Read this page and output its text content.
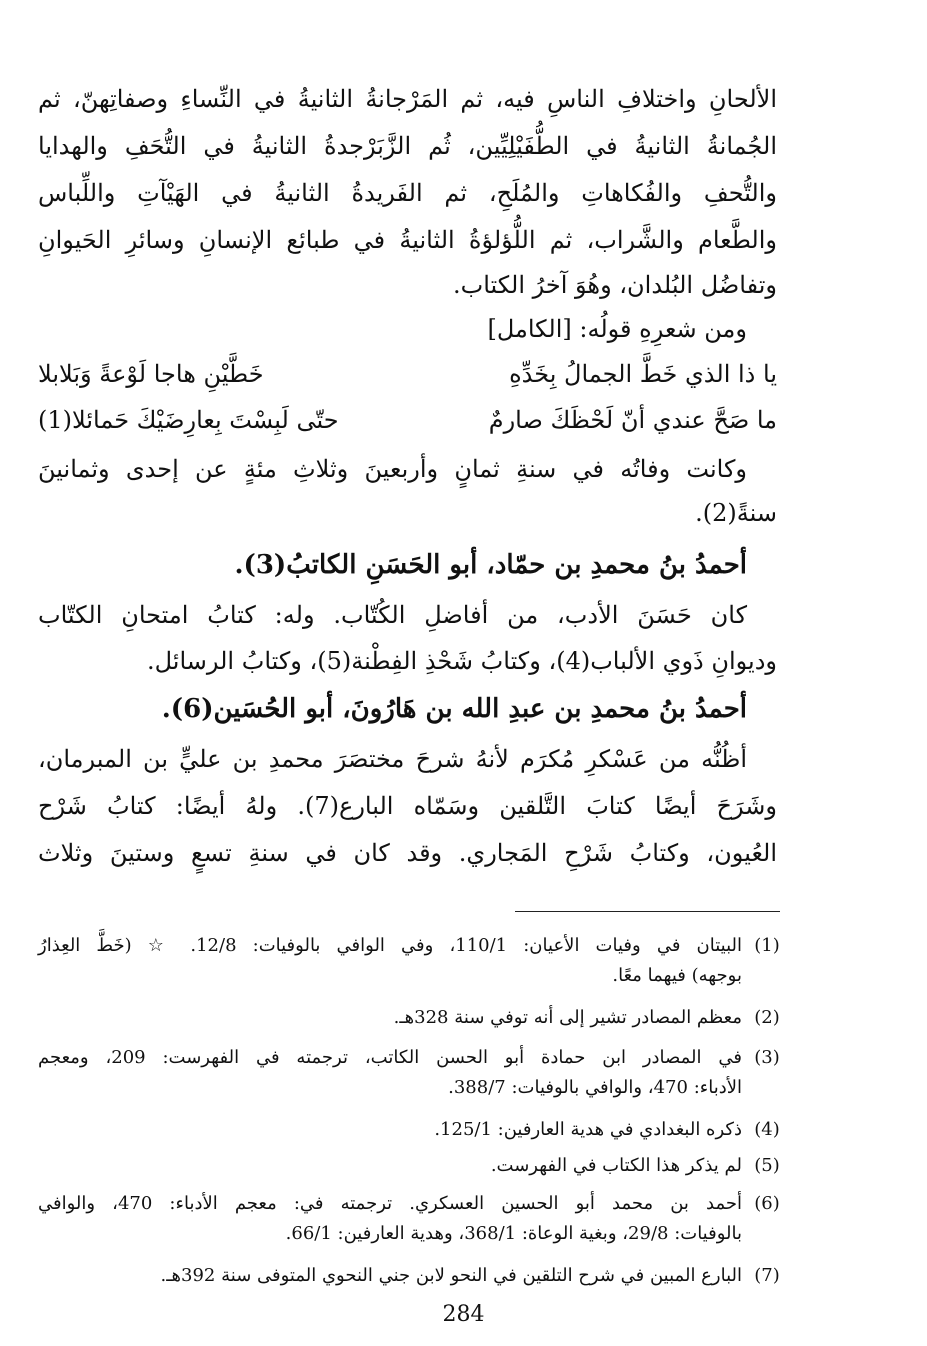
الألحانِ واختلافِ الناسِ فيه، ثم المَرْجانةُ الثانيةُ في النِّساءِ وصفاتِهنّ، ثم
الجُمانةُ الثانيةُ في الطُّفَيْلِيِّين، ثُم الزَّبَرْجدةُ الثانيةُ في التُّحَفِ والهدايا
والتُّحفِ والفُكاهاتِ والمُلَحِ، ثم الفَريدةُ الثانيةُ في الهَيْآتِ واللِّباس
والطَّعام والشَّراب، ثم اللُّؤلؤةُ الثانيةُ في طبائع الإنسانِ وسائرِ الحَيوانِ
وتفاضُل البُلدان، وهُوَ آخرُ الكتاب.
ومن شعرِهِ قولُه: [الكامل]
يا ذا الذي خَطَّ الجمالُ بِخَدِّهِ
خَطَّيْنِ هاجا لَوْعةً وَبَلابلا
ما صَحَّ عندي أنّ لَحْظَكَ صارمٌ
حتّى لَبِسْتَ بِعارِضَيْكَ حَمائلا(1)
وكانت وفاتُه في سنةِ ثمانٍ وأربعينَ وثلاثِ مئةٍ عن إحدى وثمانينَ
سنةً(2).
أحمدُ بنُ محمدِ بن حمّاد، أبو الحَسَنِ الكاتبُ(3).
كان حَسَنَ الأدب، من أفاضلِ الكُتّاب. وله: كتابُ امتحانِ الكتّاب
وديوانِ ذَوي الألباب(4)، وكتابُ شَحْذِ الفِطْنة(5)، وكتابُ الرسائل.
أحمدُ بنُ محمدِ بن عبدِ الله بن هَارُونَ، أبو الحُسَين(6).
أظُنُّه من عَسْكرِ مُكرَم لأنهُ شرحَ مختصَرَ محمدِ بن عليٍّ بن المبرمان،
وشَرَحَ أيضًا كتابَ التَّلقين وسَمّاه البارع(7). ولهُ أيضًا: كتابُ شَرْح
العُيون، وكتابُ شَرْحِ المَجاري. وقد كان في سنةِ تسعٍ وستينَ وثلاث
(1)
البيتان في وفيات الأعيان: 110/1، وفي الوافي بالوفيات: 12/8. ☆ (خَطَّ العِذارُ
بوجهه) فيهما معًا.
(2)
معظم المصادر تشير إلى أنه توفي سنة 328هـ.
(3)
في المصادر ابن حمادة أبو الحسن الكاتب، ترجمته في الفهرست: 209، ومعجم
الأدباء: 470، والوافي بالوفيات: 388/7.
(4)
ذكره البغدادي في هدية العارفين: 125/1.
(5)
لم يذكر هذا الكتاب في الفهرست.
(6)
أحمد بن محمد أبو الحسين العسكري. ترجمته في: معجم الأدباء: 470، والوافي
بالوفيات: 29/8، وبغية الوعاة: 368/1، وهدية العارفين: 66/1.
(7)
البارع المبين في شرح التلقين في النحو لابن جني النحوي المتوفى سنة 392هـ.
284
